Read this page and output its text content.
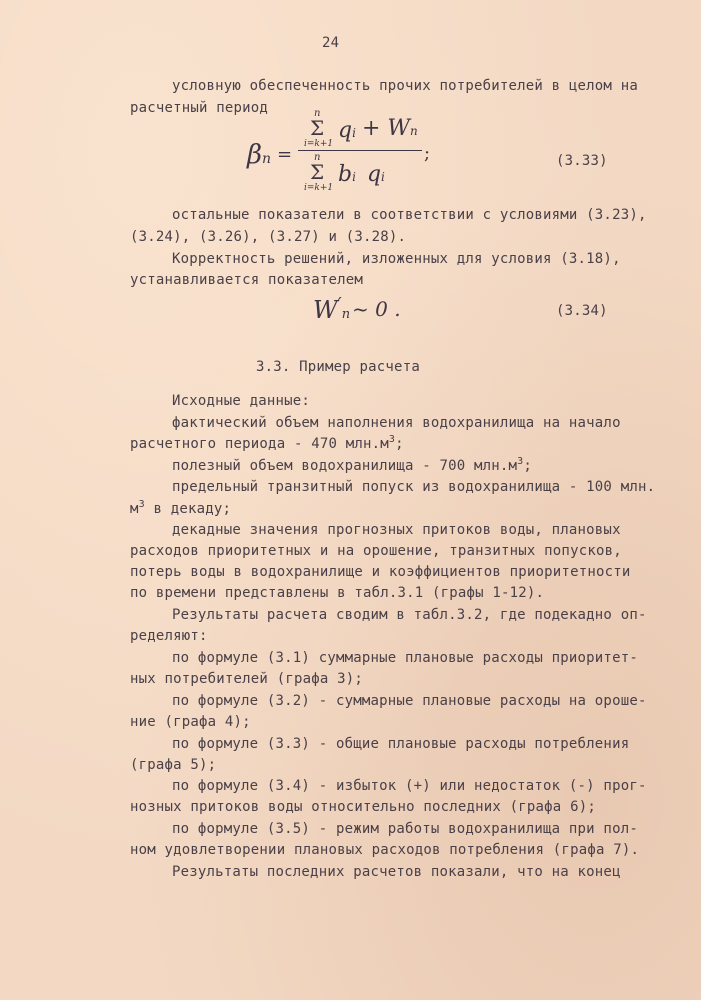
24
условную обеспеченность прочих потребителей в целом на
расчетный период
βn =
n
Σ
i=k+1
qi + Wn
n
Σ
i=k+1
bi qi
;	(3.33)
остальные показатели в соответствии с условиями (3.23),
(3.24), (3.26), (3.27) и (3.28).
Корректность решений, изложенных для условия (3.18),
устанавливается показателем
W′n ~ 0 .	(3.34)
3.3. Пример расчета
Исходные данные:
фактический объем наполнения водохранилища на начало
расчетного периода - 470 $млн.м^3$;
полезный объем водохранилища - 700 $млн.м^3$;
предельный транзитный попуск из водохранилища - 100 млн.
$м^3$ в декаду;
декадные значения прогнозных притоков воды, плановых
расходов приоритетных и на орошение, транзитных попусков,
потерь воды в водохранилище и коэффициентов приоритетности
по времени представлены в табл.3.1 (графы 1-12).
Результаты расчета сводим в табл.3.2, где подекадно оп-
ределяют:
по формуле (3.1) суммарные плановые расходы приоритет-
ных потребителей (графа 3);
по формуле (3.2) - суммарные плановые расходы на ороше-
ние (графа 4);
по формуле (3.3) - общие плановые расходы потребления
(графа 5);
по формуле (3.4) - избыток (+) или недостаток (-) прог-
нозных притоков воды относительно последних (графа 6);
по формуле (3.5) - режим работы водохранилища при пол-
ном удовлетворении плановых расходов потребления (графа 7).
Результаты последних расчетов показали, что на конец
